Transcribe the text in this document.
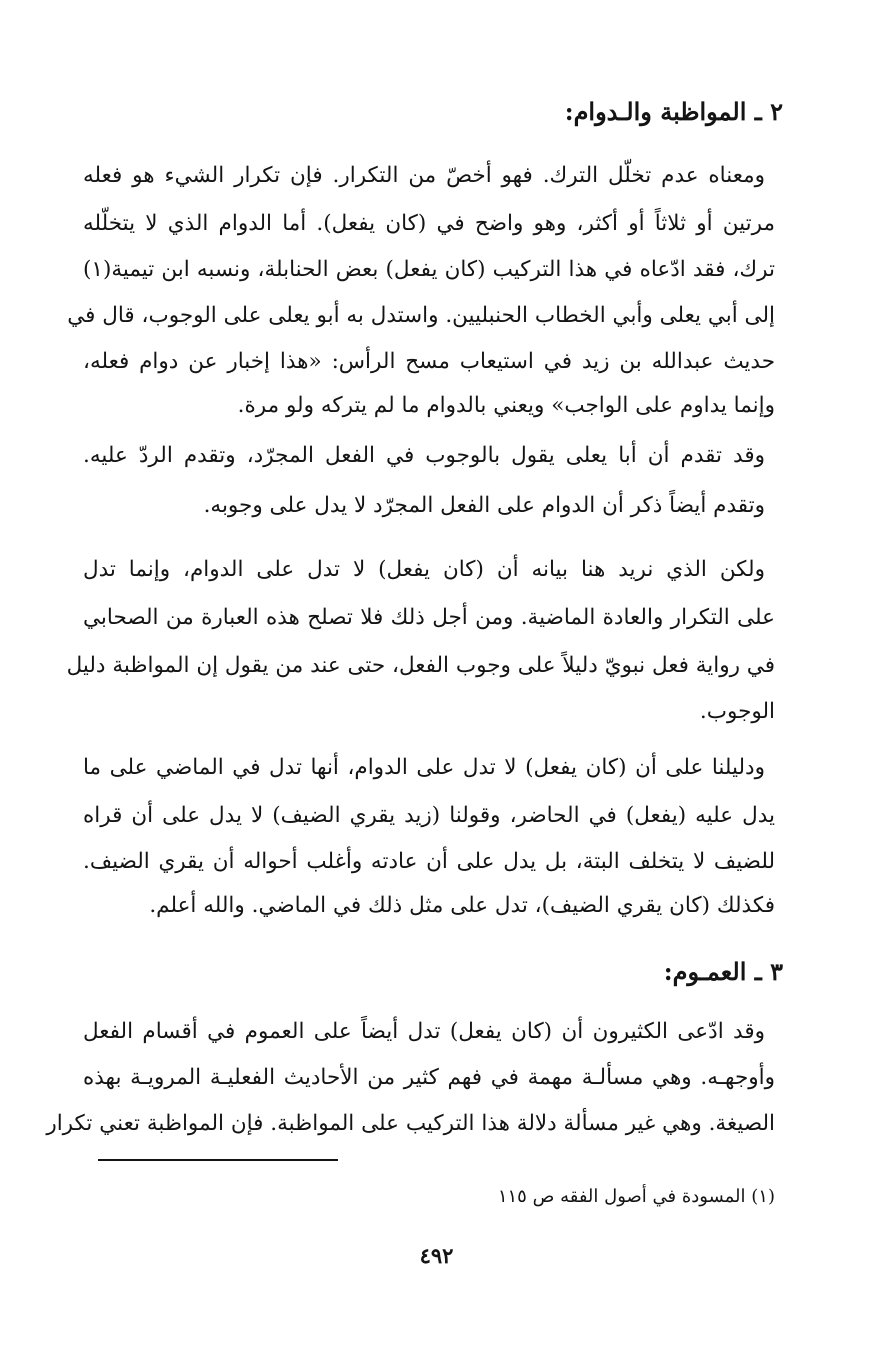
٢ ـ المواظبة والـدوام:
ومعناه عدم تخلّل الترك. فهو أخصّ من التكرار. فإن تكرار الشيء هو فعله
مرتين أو ثلاثاً أو أكثر، وهو واضح في (كان يفعل). أما الدوام الذي لا يتخلّله
ترك، فقد ادّعاه في هذا التركيب (كان يفعل) بعض الحنابلة، ونسبه ابن تيمية(١)
إلى أبي يعلى وأبي الخطاب الحنبليين. واستدل به أبو يعلى على الوجوب، قال في
حديث عبدالله بن زيد في استيعاب مسح الرأس: «هذا إخبار عن دوام فعله،
وإنما يداوم على الواجب» ويعني بالدوام ما لم يتركه ولو مرة.
وقد تقدم أن أبا يعلى يقول بالوجوب في الفعل المجرّد، وتقدم الردّ عليه.
وتقدم أيضاً ذكر أن الدوام على الفعل المجرّد لا يدل على وجوبه.
ولكن الذي نريد هنا بيانه أن (كان يفعل) لا تدل على الدوام، وإنما تدل
على التكرار والعادة الماضية. ومن أجل ذلك فلا تصلح هذه العبارة من الصحابي
في رواية فعل نبويّ دليلاً على وجوب الفعل، حتى عند من يقول إن المواظبة دليل
الوجوب.
ودليلنا على أن (كان يفعل) لا تدل على الدوام، أنها تدل في الماضي على ما
يدل عليه (يفعل) في الحاضر، وقولنا (زيد يقري الضيف) لا يدل على أن قراه
للضيف لا يتخلف البتة، بل يدل على أن عادته وأغلب أحواله أن يقري الضيف.
فكذلك (كان يقري الضيف)، تدل على مثل ذلك في الماضي. والله أعلم.
٣ ـ العمـوم:
وقد ادّعى الكثيرون أن (كان يفعل) تدل أيضاً على العموم في أقسام الفعل
وأوجهـه. وهي مسألـة مهمة في فهم كثير من الأحاديث الفعليـة المرويـة بهذه
الصيغة. وهي غير مسألة دلالة هذا التركيب على المواظبة. فإن المواظبة تعني تكرار
(١) المسودة في أصول الفقه ص ١١٥
٤٩٢
